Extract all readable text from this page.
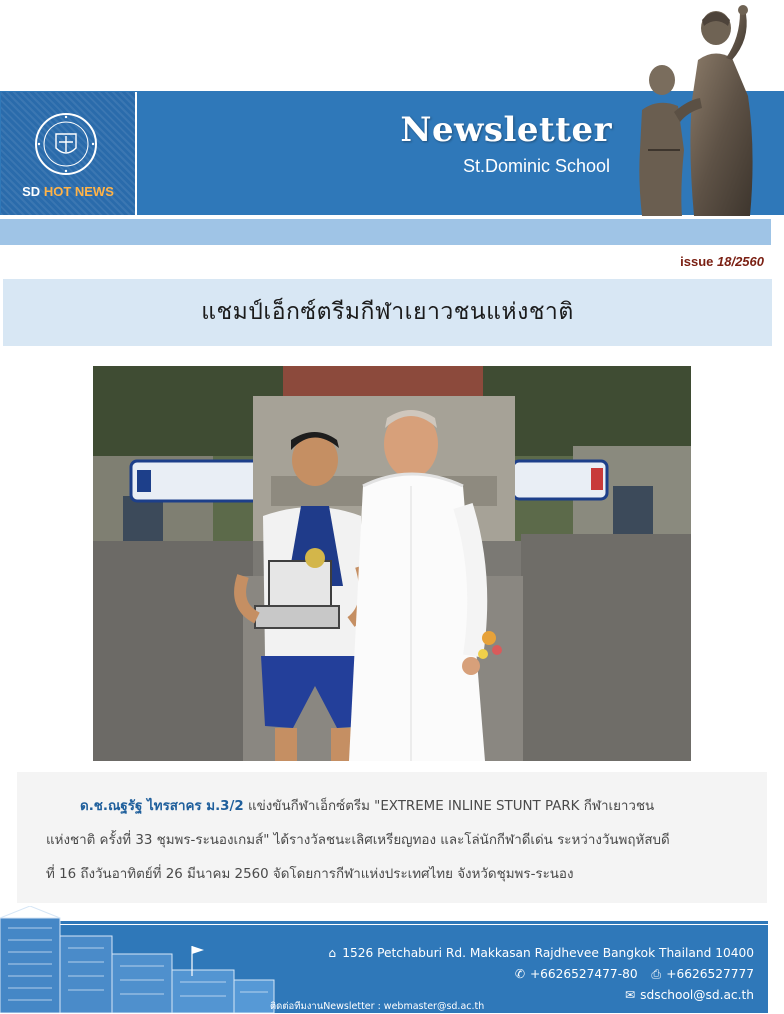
SD HOT NEWS
Newsletter
St.Dominic School
issue 18/2560
แชมป์เอ็กซ์ตรีมกีฬาเยาวชนแห่งชาติ
ด.ช.ณฐรัฐ ไทรสาคร ม.3/2 แข่งขันกีฬาเอ็กซ์ตรีม "EXTREME INLINE STUNT PARK กีฬาเยาวชน
แห่งชาติ ครั้งที่ 33 ชุมพร-ระนองเกมส์" ได้รางวัลชนะเลิศเหรียญทอง และโล่นักกีฬาดีเด่น ระหว่างวันพฤหัสบดี
ที่ 16 ถึงวันอาทิตย์ที่ 26 มีนาคม 2560 จัดโดยการกีฬาแห่งประเทศไทย จังหวัดชุมพร-ระนอง
⌂ 1526 Petchaburi Rd. Makkasan Rajdhevee Bangkok Thailand 10400
✆ +6626527477-80 ⎙ +6626527777
✉ sdschool@sd.ac.th
ติดต่อทีมงานNewsletter : webmaster@sd.ac.th
